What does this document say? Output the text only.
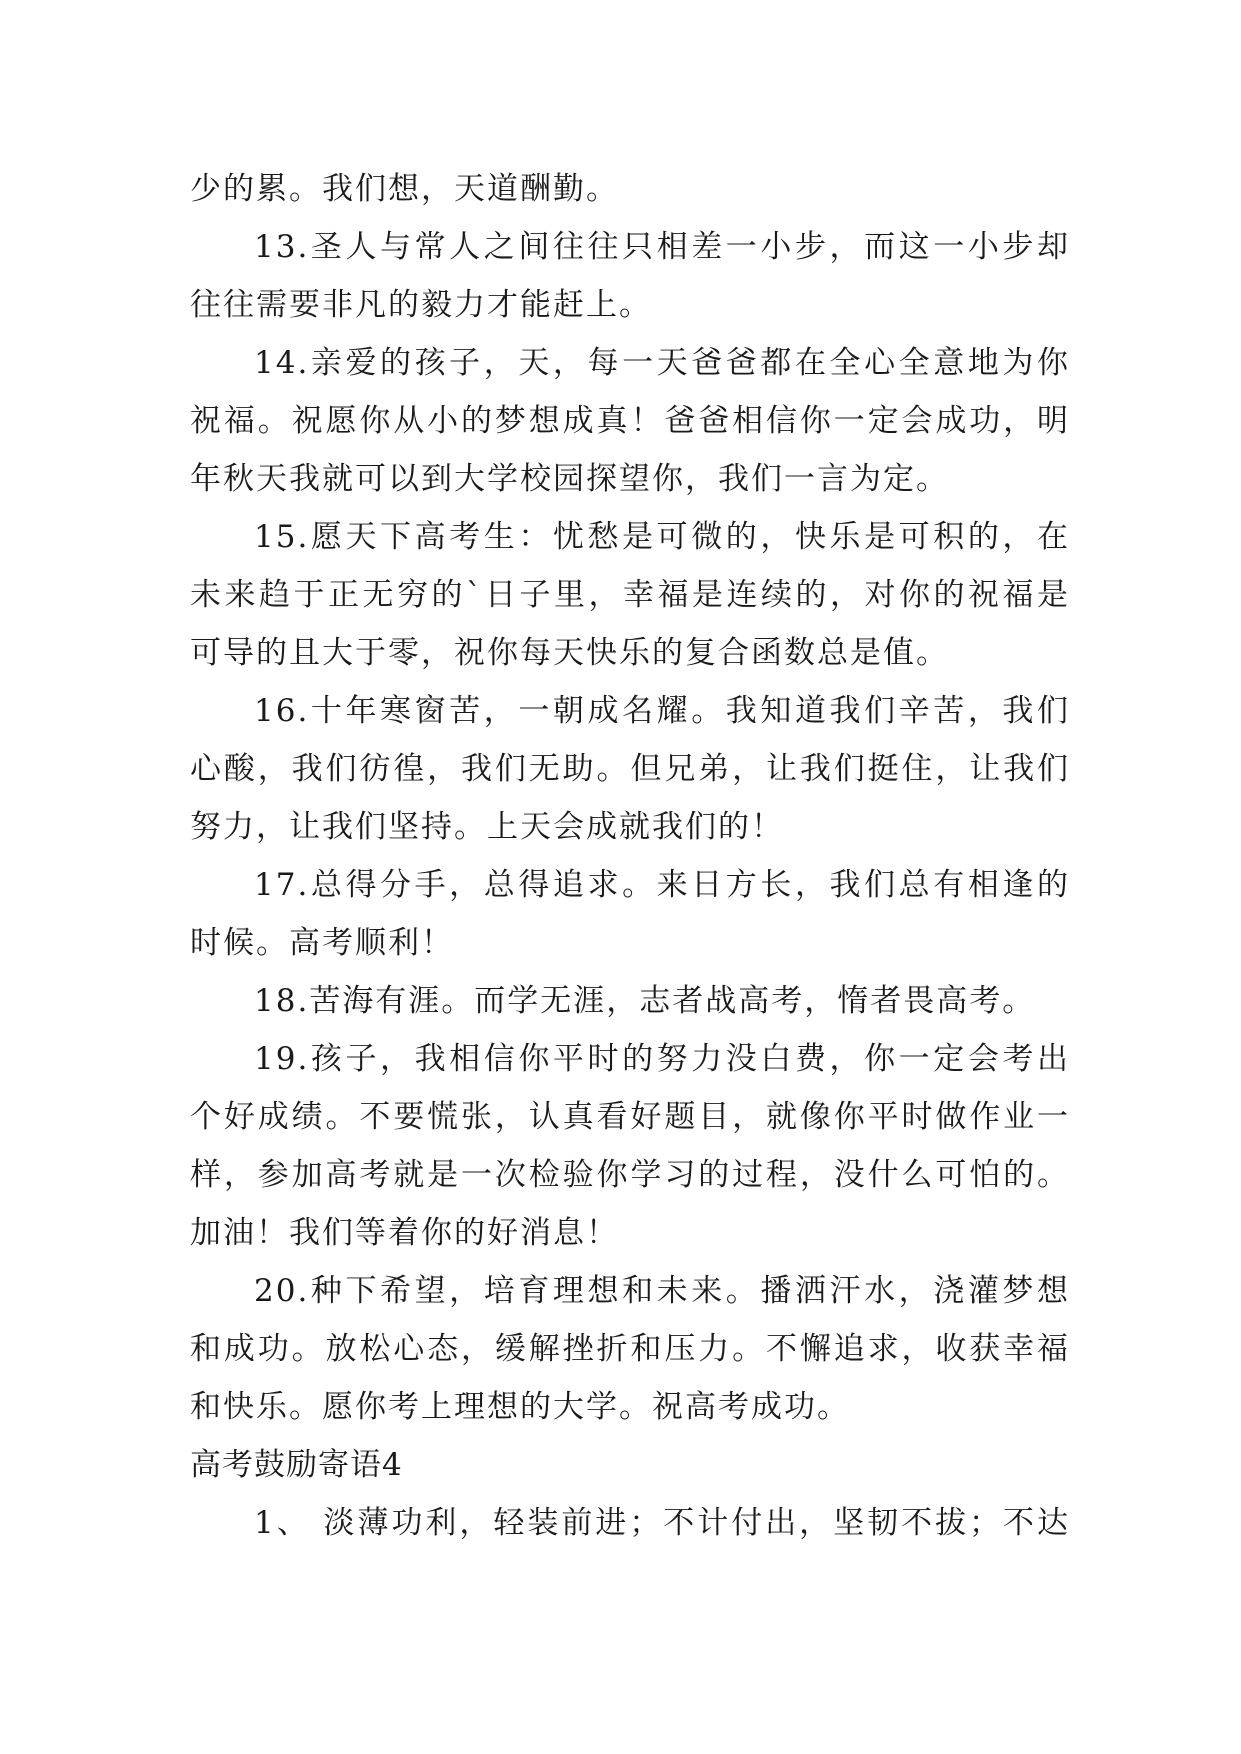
少的累。我们想，天道酬勤。
13.圣人与常人之间往往只相差一小步，而这一小步却
往往需要非凡的毅力才能赶上。
14.亲爱的孩子，天，每一天爸爸都在全心全意地为你
祝福。祝愿你从小的梦想成真！爸爸相信你一定会成功，明
年秋天我就可以到大学校园探望你，我们一言为定。
15.愿天下高考生：忧愁是可微的，快乐是可积的，在
未来趋于正无穷的`日子里，幸福是连续的，对你的祝福是
可导的且大于零，祝你每天快乐的复合函数总是值。
16.十年寒窗苦，一朝成名耀。我知道我们辛苦，我们
心酸，我们彷徨，我们无助。但兄弟，让我们挺住，让我们
努力，让我们坚持。上天会成就我们的！
17.总得分手，总得追求。来日方长，我们总有相逢的
时候。高考顺利！
18.苦海有涯。而学无涯，志者战高考，惰者畏高考。
19.孩子，我相信你平时的努力没白费，你一定会考出
个好成绩。不要慌张，认真看好题目，就像你平时做作业一
样，参加高考就是一次检验你学习的过程，没什么可怕的。
加油！我们等着你的好消息！
20.种下希望，培育理想和未来。播洒汗水，浇灌梦想
和成功。放松心态，缓解挫折和压力。不懈追求，收获幸福
和快乐。愿你考上理想的大学。祝高考成功。
高考鼓励寄语4
1、 淡薄功利，轻装前进；不计付出，坚韧不拔；不达
